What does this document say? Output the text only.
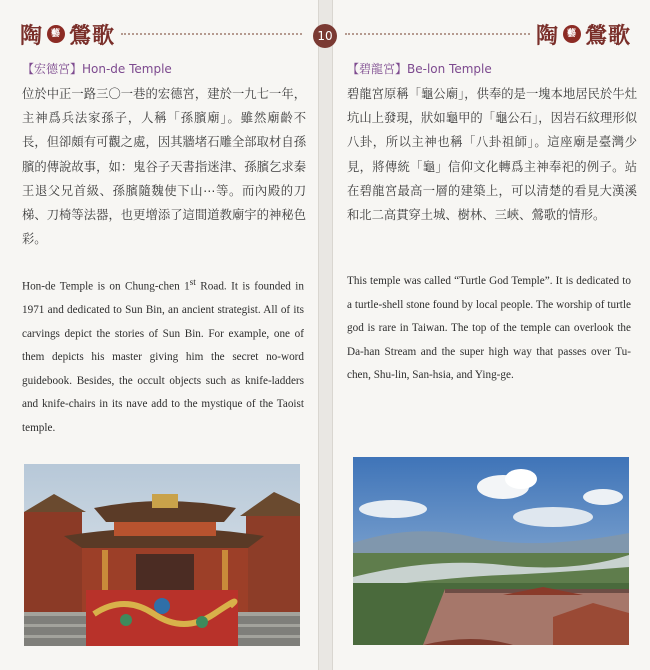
10
陶 藝 鶯歌
【宏德宮】Hon-de Temple
位於中正一路三〇一巷的宏德宮，建於一九七一年，主神爲兵法家孫子，人稱「孫臏廟」。雖然廟齡不長，但卻頗有可觀之處，因其牆堵石雕全部取材自孫臏的傳說故事，如：鬼谷子天書指迷津、孫臏乞求秦王退父兄首級、孫臏隨魏使下山⋯等。而內殿的刀梯、刀椅等法器，也更增添了這間道教廟宇的神秘色彩。
Hon-de Temple is on Chung-chen 1st Road. It is founded in 1971 and dedicated to Sun Bin, an ancient strategist. All of its carvings depict the stories of Sun Bin. For example, one of them depicts his master giving him the secret no-word guidebook. Besides, the occult objects such as knife-ladders and knife-chairs in its nave add to the mystique of the Taoist temple.
陶 藝 鶯歌
【碧龍宮】Be-lon Temple
碧龍宮原稱「龜公廟」，供奉的是一塊本地居民於牛灶坑山上發現，狀如龜甲的「龜公石」，因岩石紋理形似八卦，所以主神也稱「八卦祖師」。這座廟是臺灣少見，將傳統「龜」信仰文化轉爲主神奉祀的例子。站在碧龍宮最高一層的建築上，可以清楚的看見大漢溪和北二高貫穿土城、樹林、三峽、鶯歌的情形。
This temple was called “Turtle God Temple”. It is dedicated to a turtle-shell stone found by local people. The worship of turtle god is rare in Taiwan. The top of the temple can overlook the Da-han Stream and the super high way that passes over Tu-chen, Shu-lin, San-hsia, and Ying-ge.
